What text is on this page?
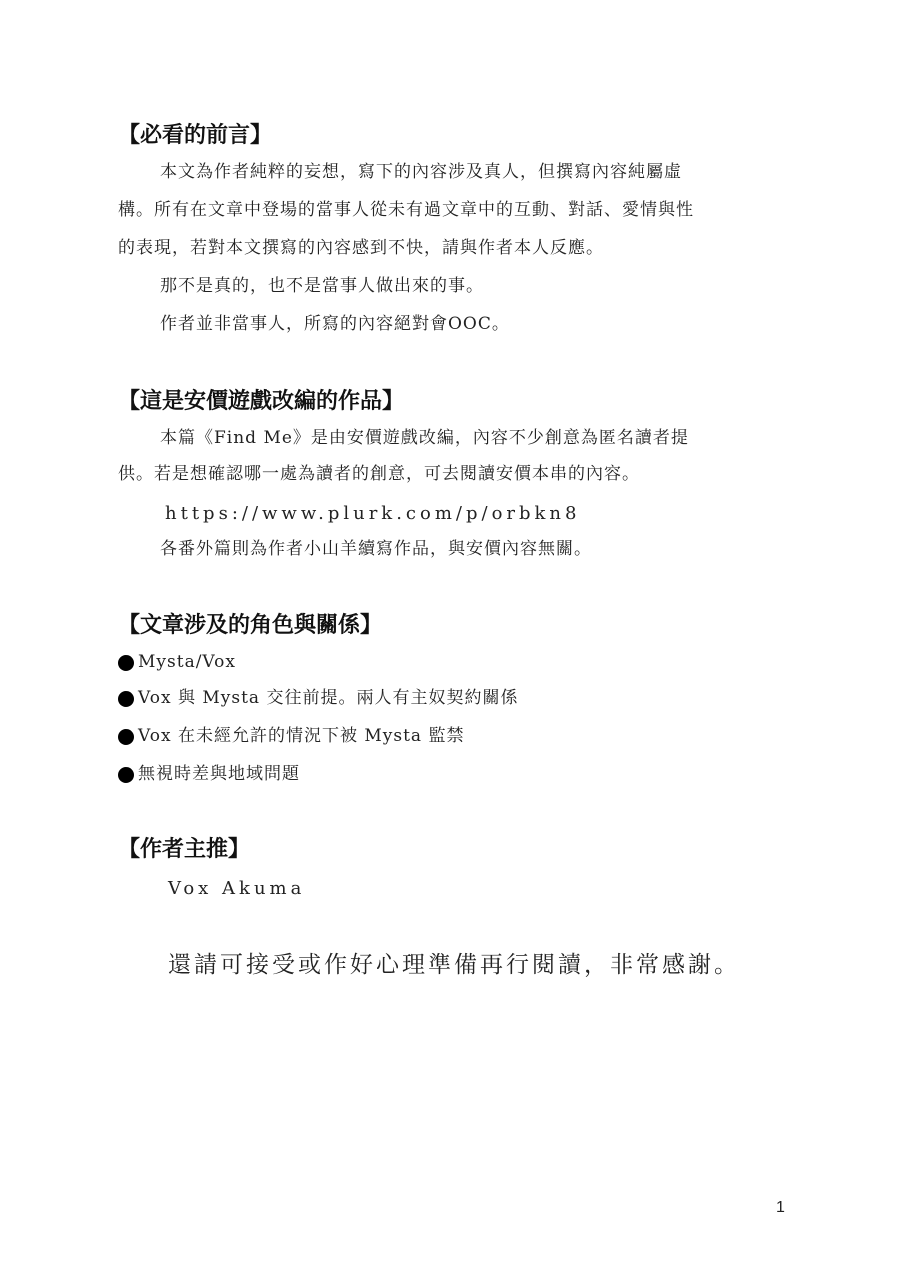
【必看的前言】
本文為作者純粹的妄想，寫下的內容涉及真人，但撰寫內容純屬虛
構。所有在文章中登場的當事人從未有過文章中的互動、對話、愛情與性
的表現，若對本文撰寫的內容感到不快，請與作者本人反應。
那不是真的，也不是當事人做出來的事。
作者並非當事人，所寫的內容絕對會OOC。
【這是安價遊戲改編的作品】
本篇《Find Me》是由安價遊戲改編，內容不少創意為匿名讀者提
供。若是想確認哪一處為讀者的創意，可去閱讀安價本串的內容。
https://www.plurk.com/p/orbkn8
各番外篇則為作者小山羊續寫作品，與安價內容無關。
【文章涉及的角色與關係】
Mysta/Vox
Vox 與 Mysta 交往前提。兩人有主奴契約關係
Vox 在未經允許的情況下被 Mysta 監禁
無視時差與地域問題
【作者主推】
Vox Akuma
還請可接受或作好心理準備再行閱讀，非常感謝。
1
